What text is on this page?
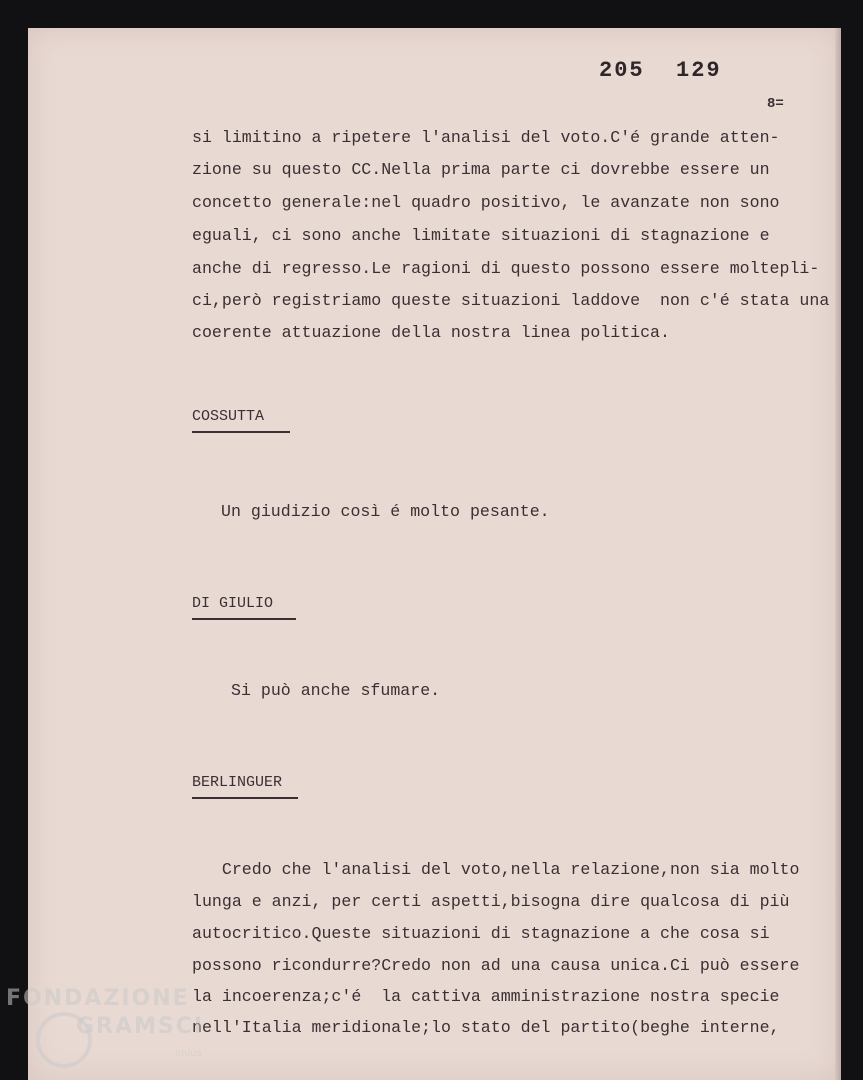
205 129
8=
si limitino a ripetere l'analisi del voto.C'é grande atten-
zione su questo CC.Nella prima parte ci dovrebbe essere un
concetto generale:nel quadro positivo, le avanzate non sono
eguali, ci sono anche limitate situazioni di stagnazione e
anche di regresso.Le ragioni di questo possono essere moltepli-
ci,però registriamo queste situazioni laddove  non c'é stata una
coerente attuazione della nostra linea politica.
COSSUTTA
Un giudizio così é molto pesante.
DI GIULIO
Si può anche sfumare.
BERLINGUER
Credo che l'analisi del voto,nella relazione,non sia molto
lunga e anzi, per certi aspetti,bisogna dire qualcosa di più
autocritico.Queste situazioni di stagnazione a che cosa si
possono ricondurre?Credo non ad una causa unica.Ci può essere
la incoerenza;c'é  la cattiva amministrazione nostra specie
nell'Italia meridionale;lo stato del partito(beghe interne,
FONDAZIONE
GRAMSCI
onlus
